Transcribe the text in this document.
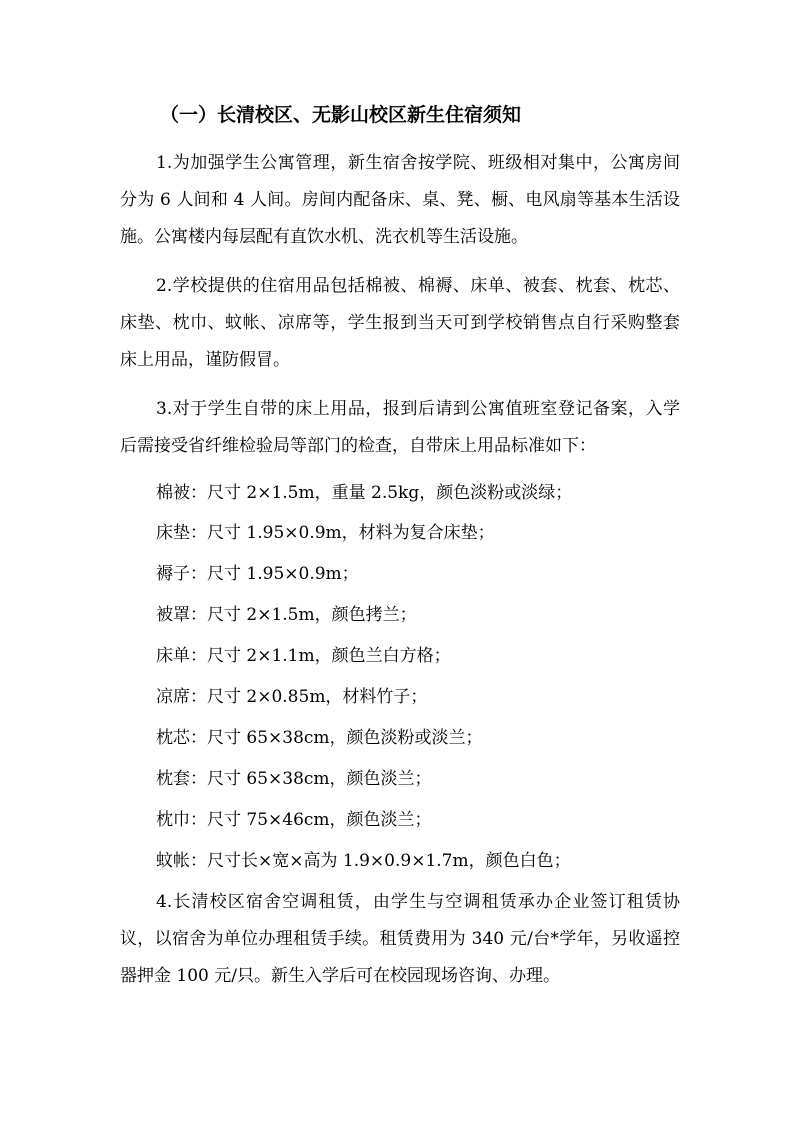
（一）长清校区、无影山校区新生住宿须知

1.为加强学生公寓管理，新生宿舍按学院、班级相对集中，公寓房间分为 6 人间和 4 人间。房间内配备床、桌、凳、橱、电风扇等基本生活设施。公寓楼内每层配有直饮水机、洗衣机等生活设施。

2.学校提供的住宿用品包括棉被、棉褥、床单、被套、枕套、枕芯、床垫、枕巾、蚊帐、凉席等，学生报到当天可到学校销售点自行采购整套床上用品，谨防假冒。

3.对于学生自带的床上用品，报到后请到公寓值班室登记备案，入学后需接受省纤维检验局等部门的检查，自带床上用品标准如下：

棉被：尺寸 2×1.5m，重量 2.5kg，颜色淡粉或淡绿；

床垫：尺寸 1.95×0.9m，材料为复合床垫；

褥子：尺寸 1.95×0.9m；

被罩：尺寸 2×1.5m，颜色拷兰；

床单：尺寸 2×1.1m，颜色兰白方格；

凉席：尺寸 2×0.85m，材料竹子；

枕芯：尺寸 65×38cm，颜色淡粉或淡兰；

枕套：尺寸 65×38cm，颜色淡兰；

枕巾：尺寸 75×46cm，颜色淡兰；

蚊帐：尺寸长×宽×高为 1.9×0.9×1.7m，颜色白色；

4.长清校区宿舍空调租赁，由学生与空调租赁承办企业签订租赁协议，以宿舍为单位办理租赁手续。租赁费用为 340 元/台*学年，另收遥控器押金 100 元/只。新生入学后可在校园现场咨询、办理。
